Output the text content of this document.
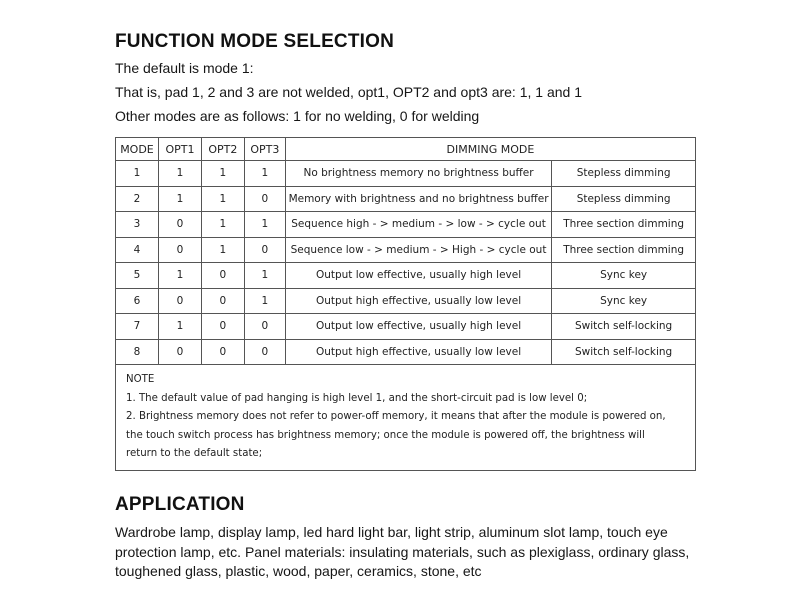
FUNCTION MODE SELECTION

The default is mode 1:

That is, pad 1, 2 and 3 are not welded, opt1, OPT2 and opt3 are: 1, 1 and 1

Other modes are as follows: 1 for no welding, 0 for welding

MODE	OPT1	OPT2	OPT3	DIMMING MODE	
1	1	1	1	No brightness memory no brightness buffer	Stepless dimming
2	1	1	0	Memory with brightness and no brightness buffer	Stepless dimming
3	0	1	1	Sequence high - > medium - > low - > cycle out	Three section dimming
4	0	1	0	Sequence low - > medium - > High - > cycle out	Three section dimming
5	1	0	1	Output low effective, usually high level	Sync key
6	0	0	1	Output high effective, usually low level	Sync key
7	1	0	0	Output low effective, usually high level	Switch self-locking
8	0	0	0	Output high effective, usually low level	Switch self-locking

NOTE

1. The default value of pad hanging is high level 1, and the short-circuit pad is low level 0;

2. Brightness memory does not refer to power-off memory, it means that after the module is powered on,

the touch switch process has brightness memory; once the module is powered off, the brightness will

return to the default state;					

APPLICATION

Wardrobe lamp, display lamp, led hard light bar, light strip, aluminum slot lamp, touch eye protection lamp, etc. Panel materials: insulating materials, such as plexiglass, ordinary glass, toughened glass, plastic, wood, paper, ceramics, stone, etc
